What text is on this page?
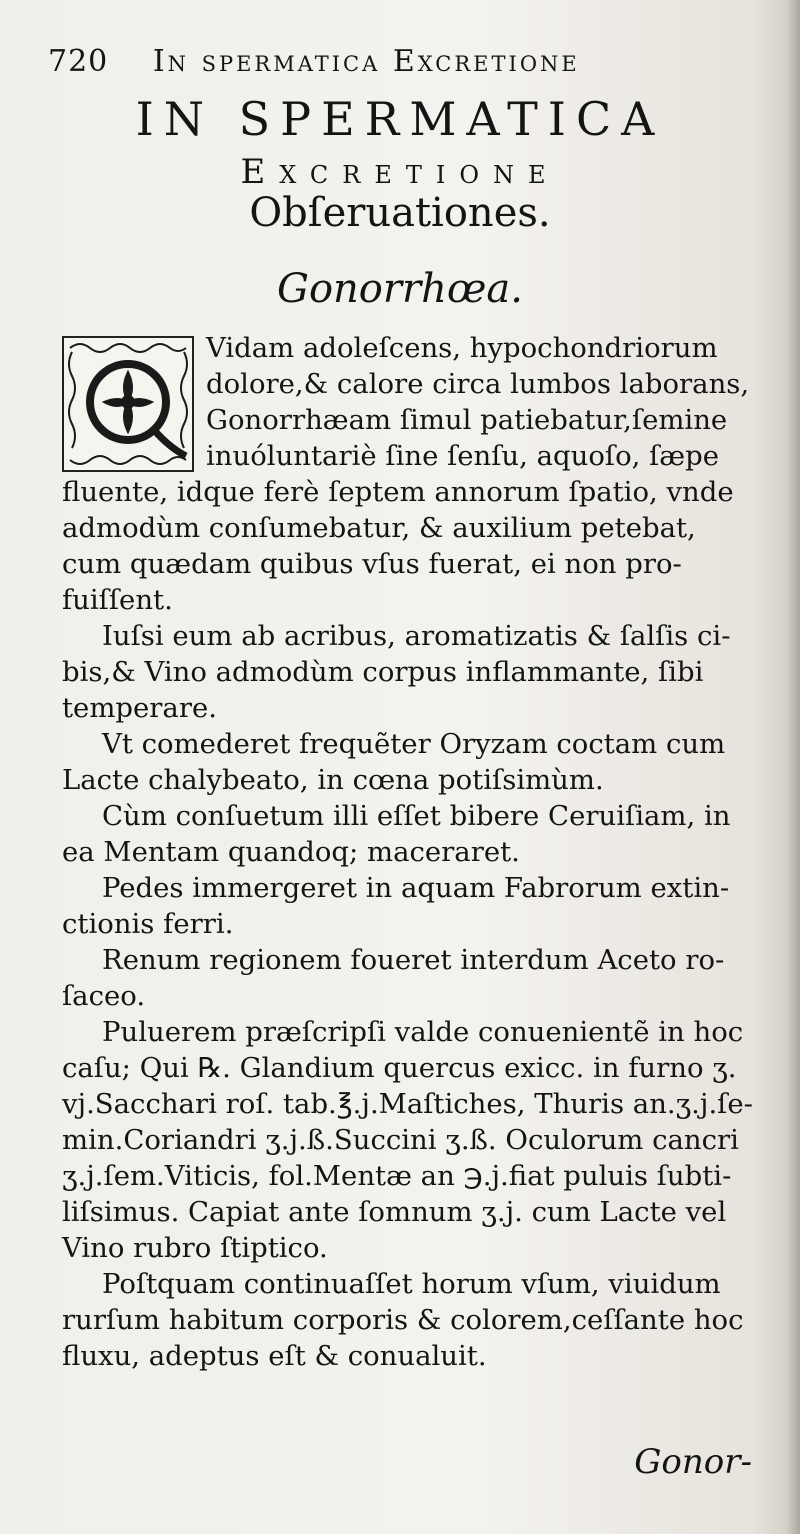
720 In spermatica Excretione
IN SPERMATICA
Excretione
Obſeruationes.
Gonorrhœa.

Vidam adoleſcens, hypochondriorum
dolore,& calore circa lumbos laborans,
Gonorrhæam ſimul patiebatur,ſemine
inuóluntariè ſine ſenſu, aquoſo, ſæpe
fluente, idque ferè ſeptem annorum ſpatio, vnde
admodùm conſumebatur, & auxilium petebat,
cum quædam quibus vſus fuerat, ei non pro-
fuiſſent.

Iuſsi eum ab acribus, aromatizatis & ſalſis ci-
bis,& Vino admodùm corpus inflammante, ſibi
temperare.

Vt comederet frequẽter Oryzam coctam cum
Lacte chalybeato, in cœna potiſsimùm.

Cùm conſuetum illi eſſet bibere Ceruiſiam, in
ea Mentam quandoq; maceraret.

Pedes immergeret in aquam Fabrorum extin-
ctionis ferri.

Renum regionem foueret interdum Aceto ro-
ſaceo.

Puluerem præſcripſi valde conuenientẽ in hoc
caſu; Qui ℞. Glandium quercus exicc. in furno ʒ.
vj.Sacchari roſ. tab.℥.j.Maſtiches, Thuris an.ʒ.j.ſe-
min.Coriandri ʒ.j.ß.Succini ʒ.ß. Oculorum cancri
ʒ.j.ſem.Viticis, fol.Mentæ an ℈.j.fiat puluis ſubti-
liſsimus. Capiat ante ſomnum ʒ.j. cum Lacte vel
Vino rubro ſtiptico.

Poſtquam continuaſſet horum vſum, viuidum
rurſum habitum corporis & colorem,ceſſante hoc
fluxu, adeptus eſt & conualuit.

Gonor-
